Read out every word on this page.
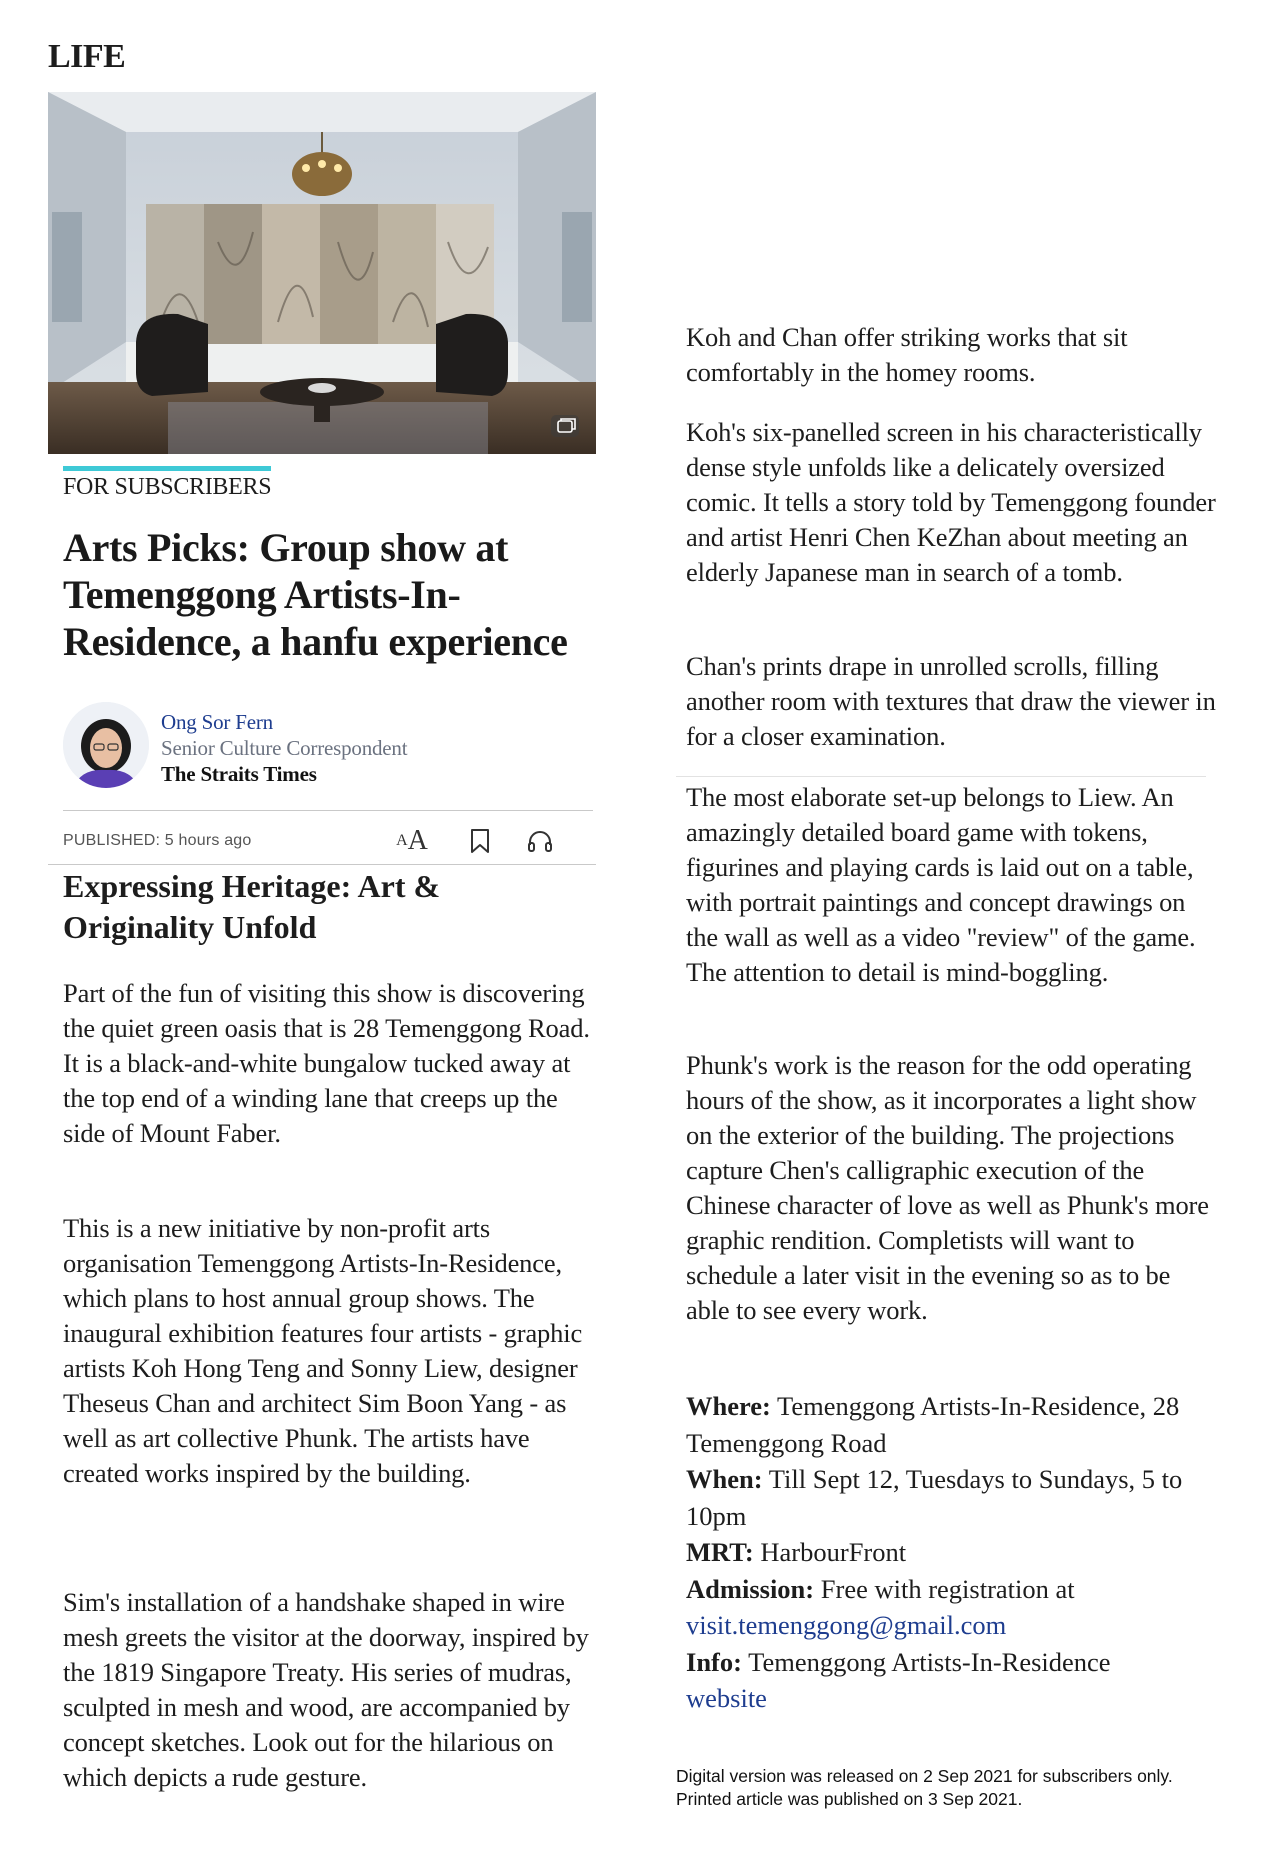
LIFE
FOR SUBSCRIBERS
Arts Picks: Group show at Temenggong Artists-In-Residence, a hanfu experience
Ong Sor Fern
Senior Culture Correspondent
The Straits Times
PUBLISHED: 5 hours ago	A A
Expressing Heritage: Art & Originality Unfold

Part of the fun of visiting this show is discovering the quiet green oasis that is 28 Temenggong Road. It is a black-and-white bungalow tucked away at the top end of a winding lane that creeps up the side of Mount Faber.

This is a new initiative by non-profit arts organisation Temenggong Artists-In-Residence, which plans to host annual group shows. The inaugural exhibition features four artists - graphic artists Koh Hong Teng and Sonny Liew, designer Theseus Chan and architect Sim Boon Yang - as well as art collective Phunk. The artists have created works inspired by the building.

Sim's installation of a handshake shaped in wire mesh greets the visitor at the doorway, inspired by the 1819 Singapore Treaty. His series of mudras, sculpted in mesh and wood, are accompanied by concept sketches. Look out for the hilarious on which depicts a rude gesture.

Koh and Chan offer striking works that sit comfortably in the homey rooms.

Koh's six-panelled screen in his characteristically dense style unfolds like a delicately oversized comic. It tells a story told by Temenggong founder and artist Henri Chen KeZhan about meeting an elderly Japanese man in search of a tomb.

Chan's prints drape in unrolled scrolls, filling another room with textures that draw the viewer in for a closer examination.

The most elaborate set-up belongs to Liew. An amazingly detailed board game with tokens, figurines and playing cards is laid out on a table, with portrait paintings and concept drawings on the wall as well as a video "review" of the game. The attention to detail is mind-boggling.

Phunk's work is the reason for the odd operating hours of the show, as it incorporates a light show on the exterior of the building. The projections capture Chen's calligraphic execution of the Chinese character of love as well as Phunk's more graphic rendition. Completists will want to schedule a later visit in the evening so as to be able to see every work.

Where: Temenggong Artists-In-Residence, 28 Temenggong Road
When: Till Sept 12, Tuesdays to Sundays, 5 to 10pm
MRT: HarbourFront
Admission: Free with registration at
visit.temenggong@gmail.com
Info: Temenggong Artists-In-Residence
website
Digital version was released on 2 Sep 2021 for subscribers only.
Printed article was published on 3 Sep 2021.
